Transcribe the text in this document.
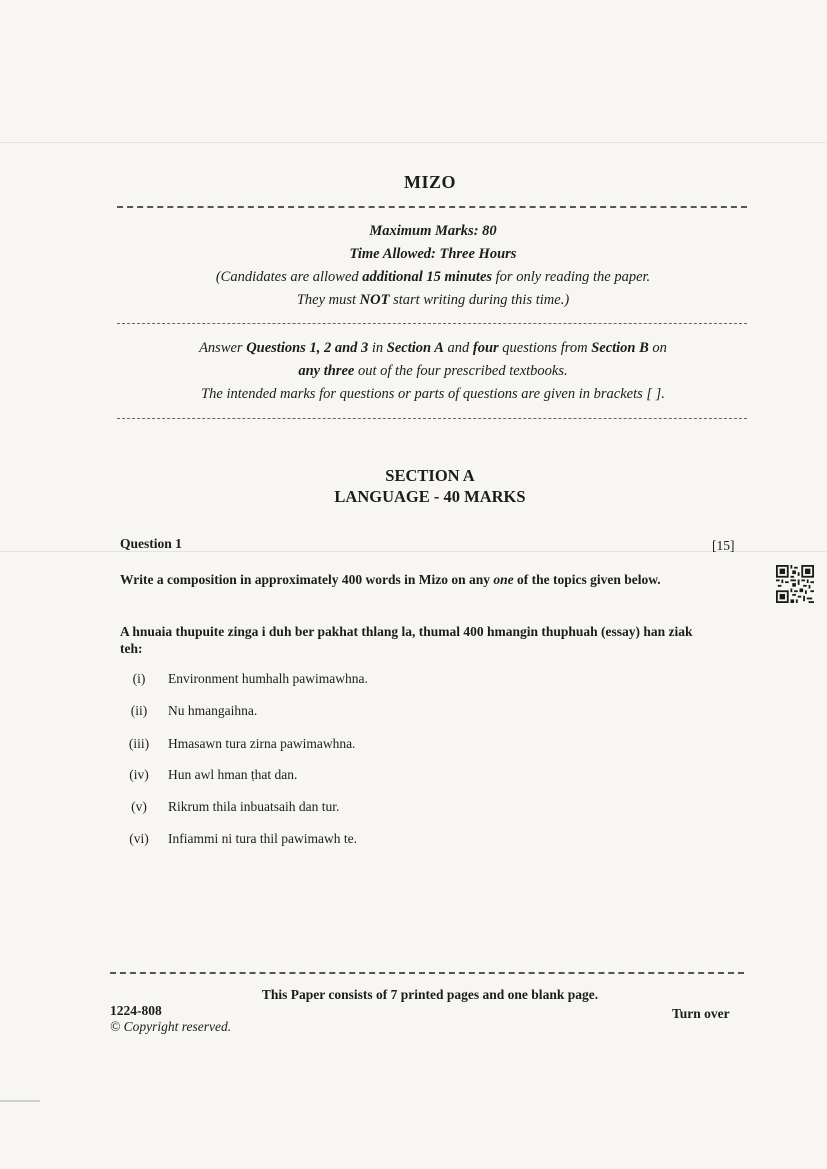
MIZO
Maximum Marks: 80
Time Allowed: Three Hours
(Candidates are allowed additional 15 minutes for only reading the paper.
They must NOT start writing during this time.)
Answer Questions 1, 2 and 3 in Section A and four questions from Section B on
any three out of the four prescribed textbooks.
The intended marks for questions or parts of questions are given in brackets [ ].
SECTION A
LANGUAGE - 40 MARKS
Question 1	[15]
Write a composition in approximately 400 words in Mizo on any one of the topics given below.
A hnuaia thupuite zinga i duh ber pakhat thlang la, thumal 400 hmangin thuphuah (essay) han ziak teh:
(i)	Environment humhalh pawimawhna.
(ii)	Nu hmangaihna.
(iii)	Hmasawn tura zirna pawimawhna.
(iv)	Hun awl hman ṭhat dan.
(v)	Rikrum thila inbuatsaih dan tur.
(vi)	Infiammi ni tura thil pawimawh te.
This Paper consists of 7 printed pages and one blank page.
1224-808
© Copyright reserved.
Turn over
